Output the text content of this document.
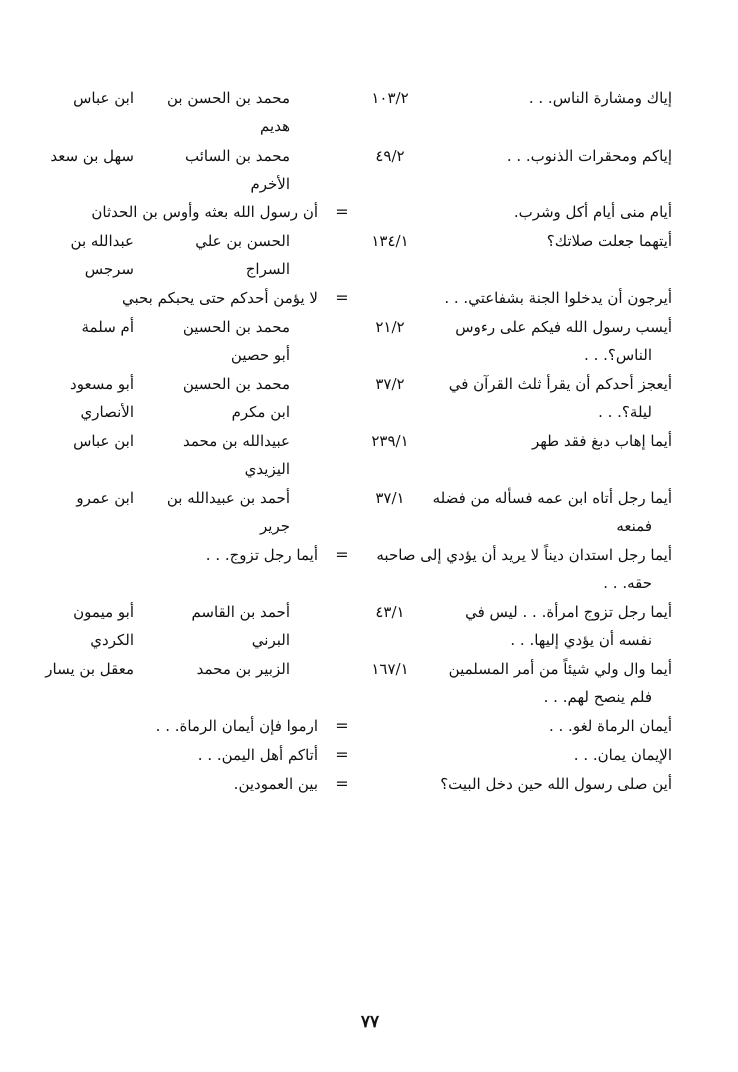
إياك ومشارة الناس. . .
١٠٣/٢
محمد بن الحسن بن
هديم
ابن عباس
إياكم ومحقرات الذنوب. . .
٤٩/٢
محمد بن السائب
الأخرم
سهل بن سعد
أيام منى أيام أكل وشرب.
=
أن رسول الله بعثه وأوس بن الحدثان
أيتهما جعلت صلاتك؟
١٣٤/١
الحسن بن علي
السراج
عبدالله بن
سرجس
أيرجون أن يدخلوا الجنة بشفاعتي. . .
=
لا يؤمن أحدكم حتى يحبكم بحبي
أيسب رسول الله فيكم على رءوس
الناس؟. . .
٢١/٢
محمد بن الحسين
أبو حصين
أم سلمة
أيعجز أحدكم أن يقرأ ثلث القرآن في
ليلة؟. . .
٣٧/٢
محمد بن الحسين
ابن مكرم
أبو مسعود
الأنصاري
أيما إهاب دبغ فقد طهر
٢٣٩/١
عبيدالله بن محمد
اليزيدي
ابن عباس
أيما رجل أتاه ابن عمه فسأله من فضله
فمنعه
٣٧/١
أحمد بن عبيدالله بن
جرير
ابن عمرو
أيما رجل استدان ديناً لا يريد أن يؤدي إلى صاحبه
حقه. . .
=
أيما رجل تزوج. . .
أيما رجل تزوج امرأة. . . ليس في
نفسه أن يؤدي إليها. . .
٤٣/١
أحمد بن القاسم
البرني
أبو ميمون
الكردي
أيما وال ولي شيئاً من أمر المسلمين
فلم ينصح لهم. . .
١٦٧/١
الزبير بن محمد
معقل بن يسار
أيمان الرماة لغو. . .
=
ارموا فإن أيمان الرماة. . .
الإيمان يمان. . .
=
أتاكم أهل اليمن. . .
أين صلى رسول الله حين دخل البيت؟
=
بين العمودين.
٧٧
